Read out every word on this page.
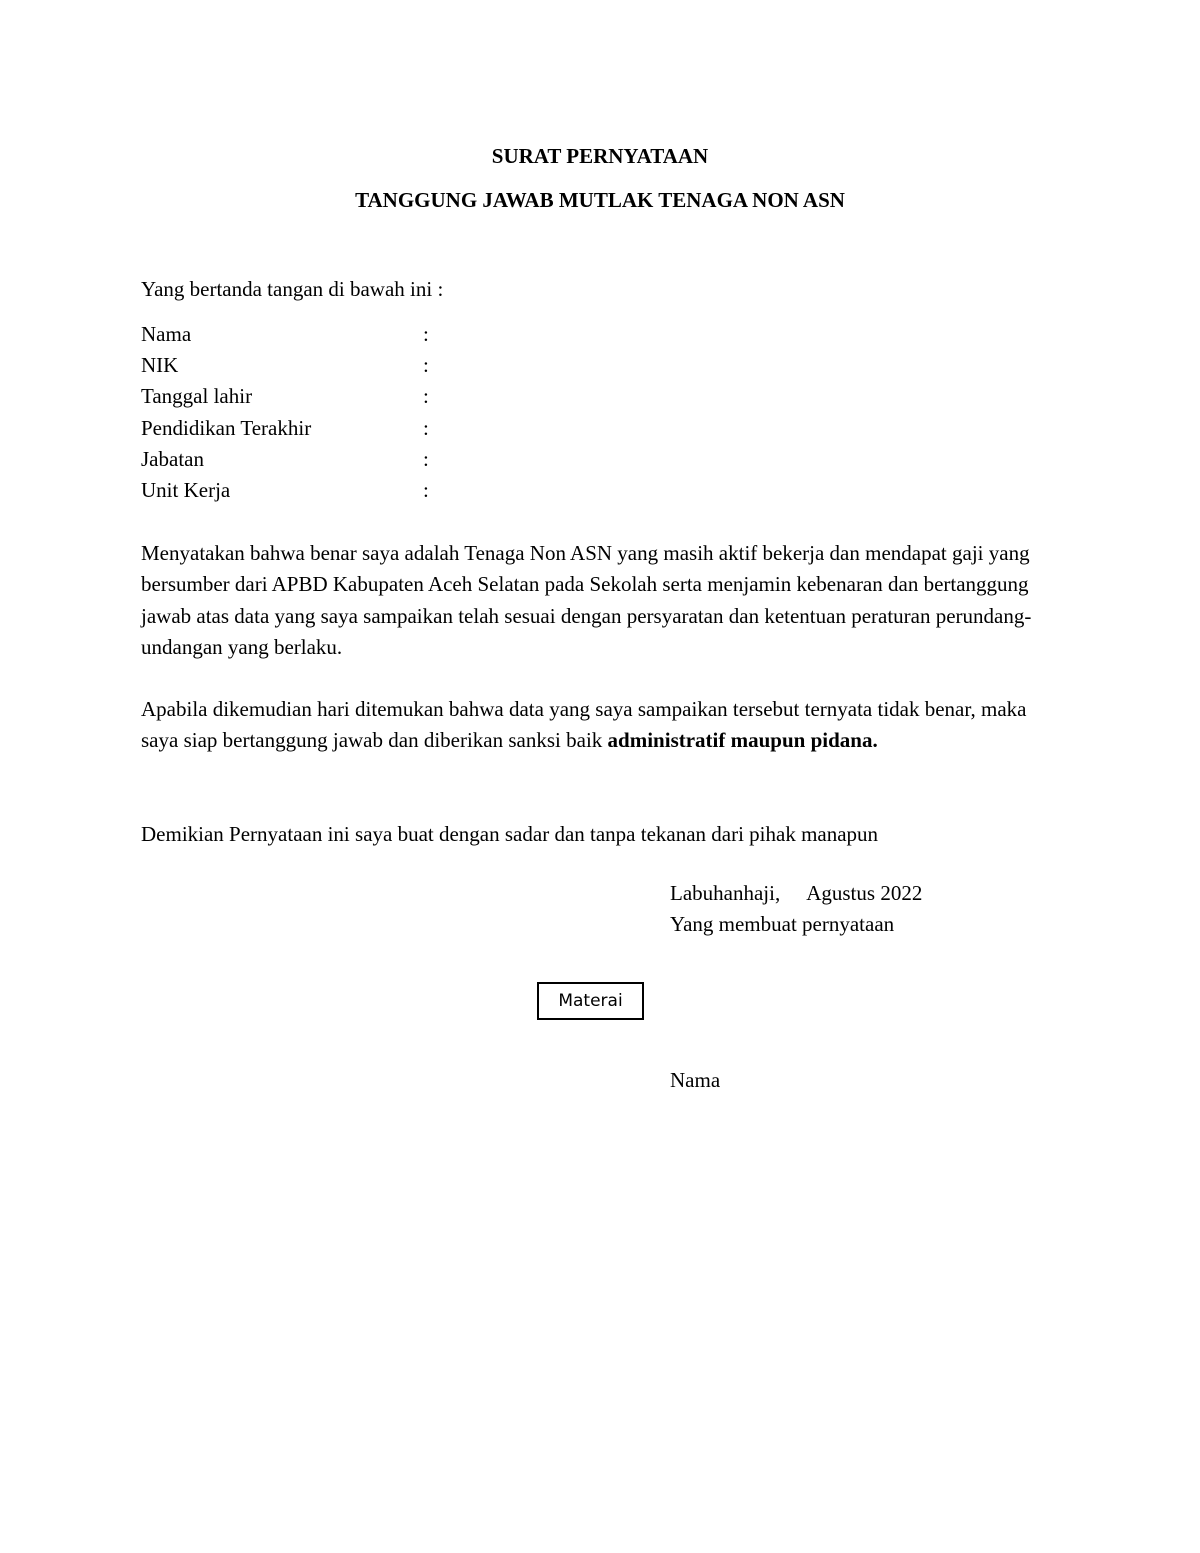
SURAT PERNYATAAN
TANGGUNG JAWAB MUTLAK TENAGA NON ASN
Yang bertanda tangan di bawah ini :
Nama	:
NIK	:
Tanggal lahir	:
Pendidikan Terakhir	:
Jabatan	:
Unit Kerja	:
Menyatakan bahwa benar saya adalah Tenaga Non ASN yang masih aktif bekerja dan mendapat gaji yang bersumber dari APBD Kabupaten Aceh Selatan pada Sekolah serta menjamin kebenaran dan bertanggung jawab atas data yang saya sampaikan telah sesuai dengan persyaratan dan ketentuan peraturan perundang-undangan yang berlaku.
Apabila dikemudian hari ditemukan bahwa data yang saya sampaikan tersebut ternyata tidak benar, maka saya siap bertanggung jawab dan diberikan sanksi baik administratif maupun pidana.
Demikian Pernyataan ini saya buat dengan sadar dan tanpa tekanan dari pihak manapun
Labuhanhaji, Agustus 2022
Yang membuat pernyataan
Materai
Nama
